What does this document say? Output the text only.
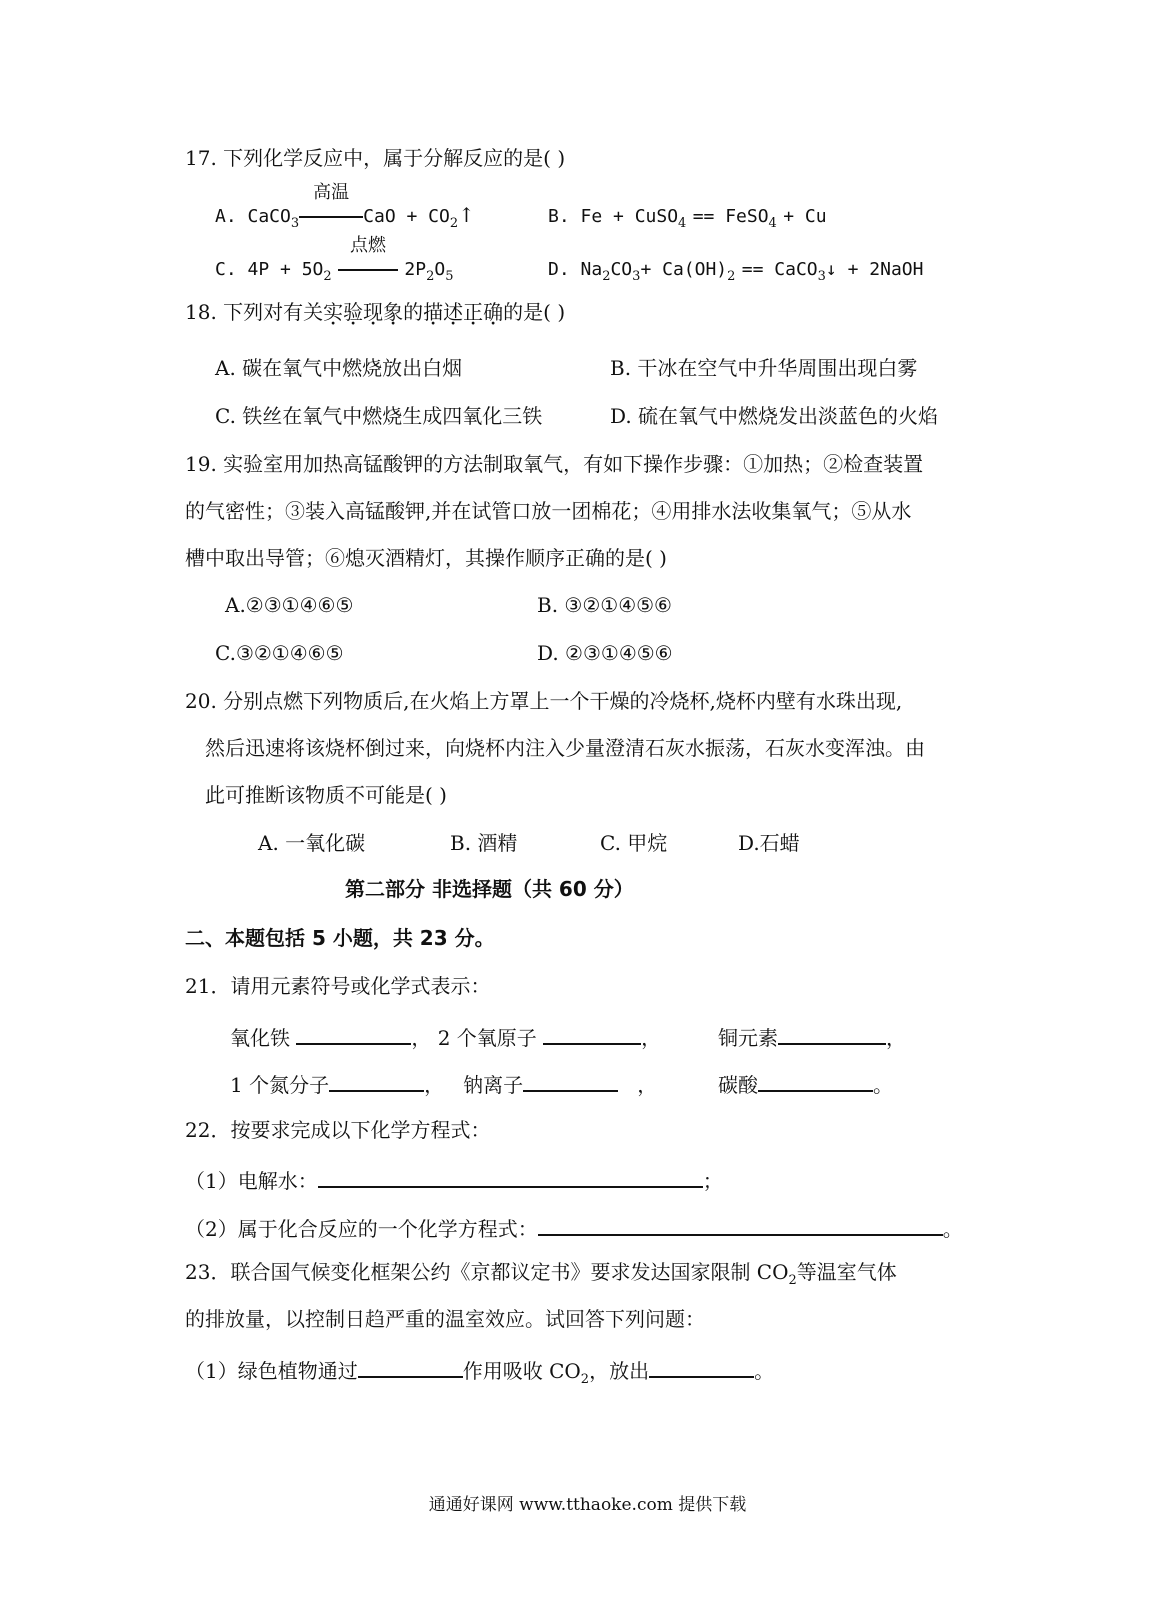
17. 下列化学反应中，属于分解反应的是( )
A. CaCO$_3$
高温
CaO + $CO_2↑$	B. Fe + CuSO$_4$ == FeSO$_4$ + Cu
C. $4P + 5O_2$
点燃
$2P_2O_5$	D. $Na_2CO_3+ Ca(OH)_2$ == CaCO$_3$↓ + 2NaOH
18. 下列对有关实验现象的描述正确的是( )
A. 碳在氧气中燃烧放出白烟	B. 干冰在空气中升华周围出现白雾
C. 铁丝在氧气中燃烧生成四氧化三铁	D. 硫在氧气中燃烧发出淡蓝色的火焰
19. 实验室用加热高锰酸钾的方法制取氧气，有如下操作步骤：①加热；②检查装置
的气密性；③装入高锰酸钾,并在试管口放一团棉花；④用排水法收集氧气；⑤从水
槽中取出导管；⑥熄灭酒精灯，其操作顺序正确的是( )
A.②③①④⑥⑤	B. ③②①④⑤⑥
C.③②①④⑥⑤	D. ②③①④⑤⑥
20. 分别点燃下列物质后,在火焰上方罩上一个干燥的冷烧杯,烧杯内壁有水珠出现,
然后迅速将该烧杯倒过来，向烧杯内注入少量澄清石灰水振荡，石灰水变浑浊。由
此可推断该物质不可能是( )
A. 一氧化碳	B. 酒精	C. 甲烷	D.石蜡
第二部分 非选择题（共 60 分）
二、本题包括 5 小题，共 23 分。
21．请用元素符号或化学式表示：
氧化铁	， 2 个氧原子	，	铜元素	，
1 个氮分子	， 钠离子	，	碳酸	。
22．按要求完成以下化学方程式：
（1）电解水：	；
（2）属于化合反应的一个化学方程式：	。
23．联合国气候变化框架公约《京都议定书》要求发达国家限制 $CO_2$等温室气体
的排放量，以控制日趋严重的温室效应。试回答下列问题：
（1）绿色植物通过	作用吸收 $CO_2$，放出	。
通通好课网 www.tthaoke.com 提供下载
